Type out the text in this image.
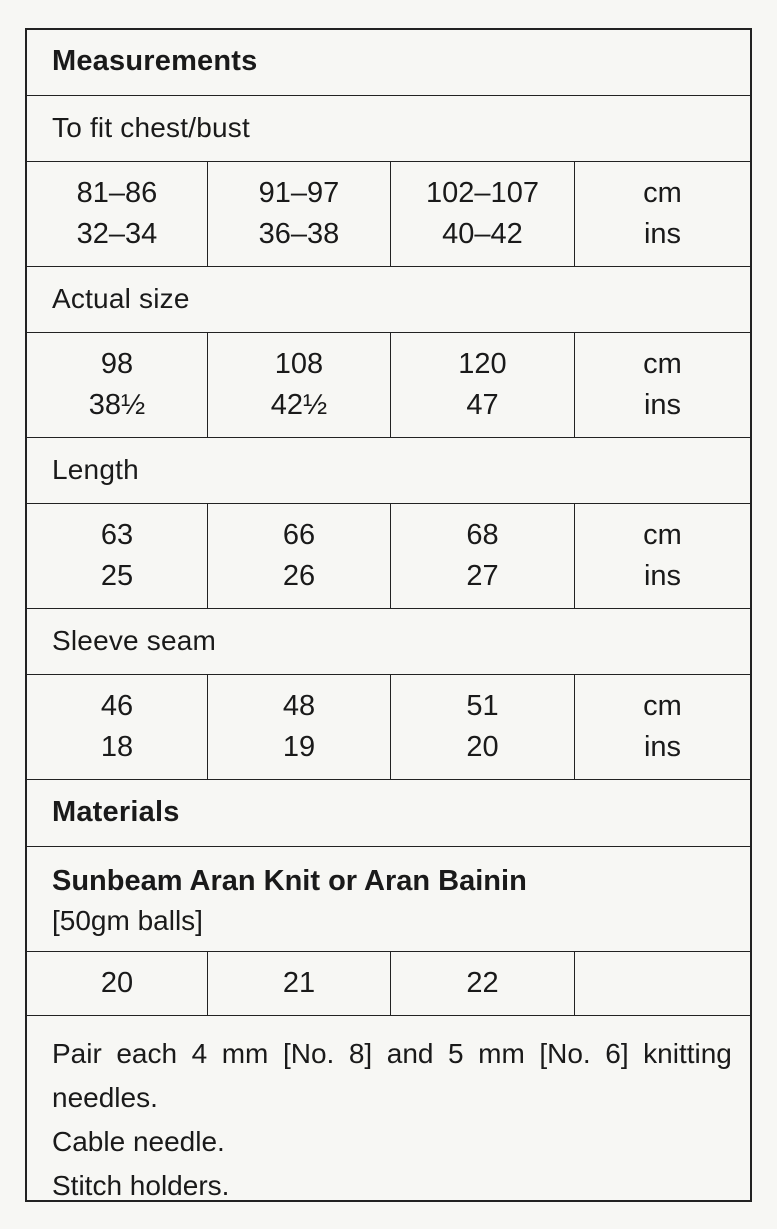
Measurements
To fit chest/bust
81–86
32–34
91–97
36–38
102–107
40–42
cm
ins
Actual size
98
38½
108
42½
120
47
cm
ins
Length
63
25
66
26
68
27
cm
ins
Sleeve seam
46
18
48
19
51
20
cm
ins
Materials
Sunbeam Aran Knit or Aran Bainin
[50gm balls]
20	21	22
Pair each 4 mm [No. 8] and 5 mm [No. 6] knitting
needles.
Cable needle.
Stitch holders.
